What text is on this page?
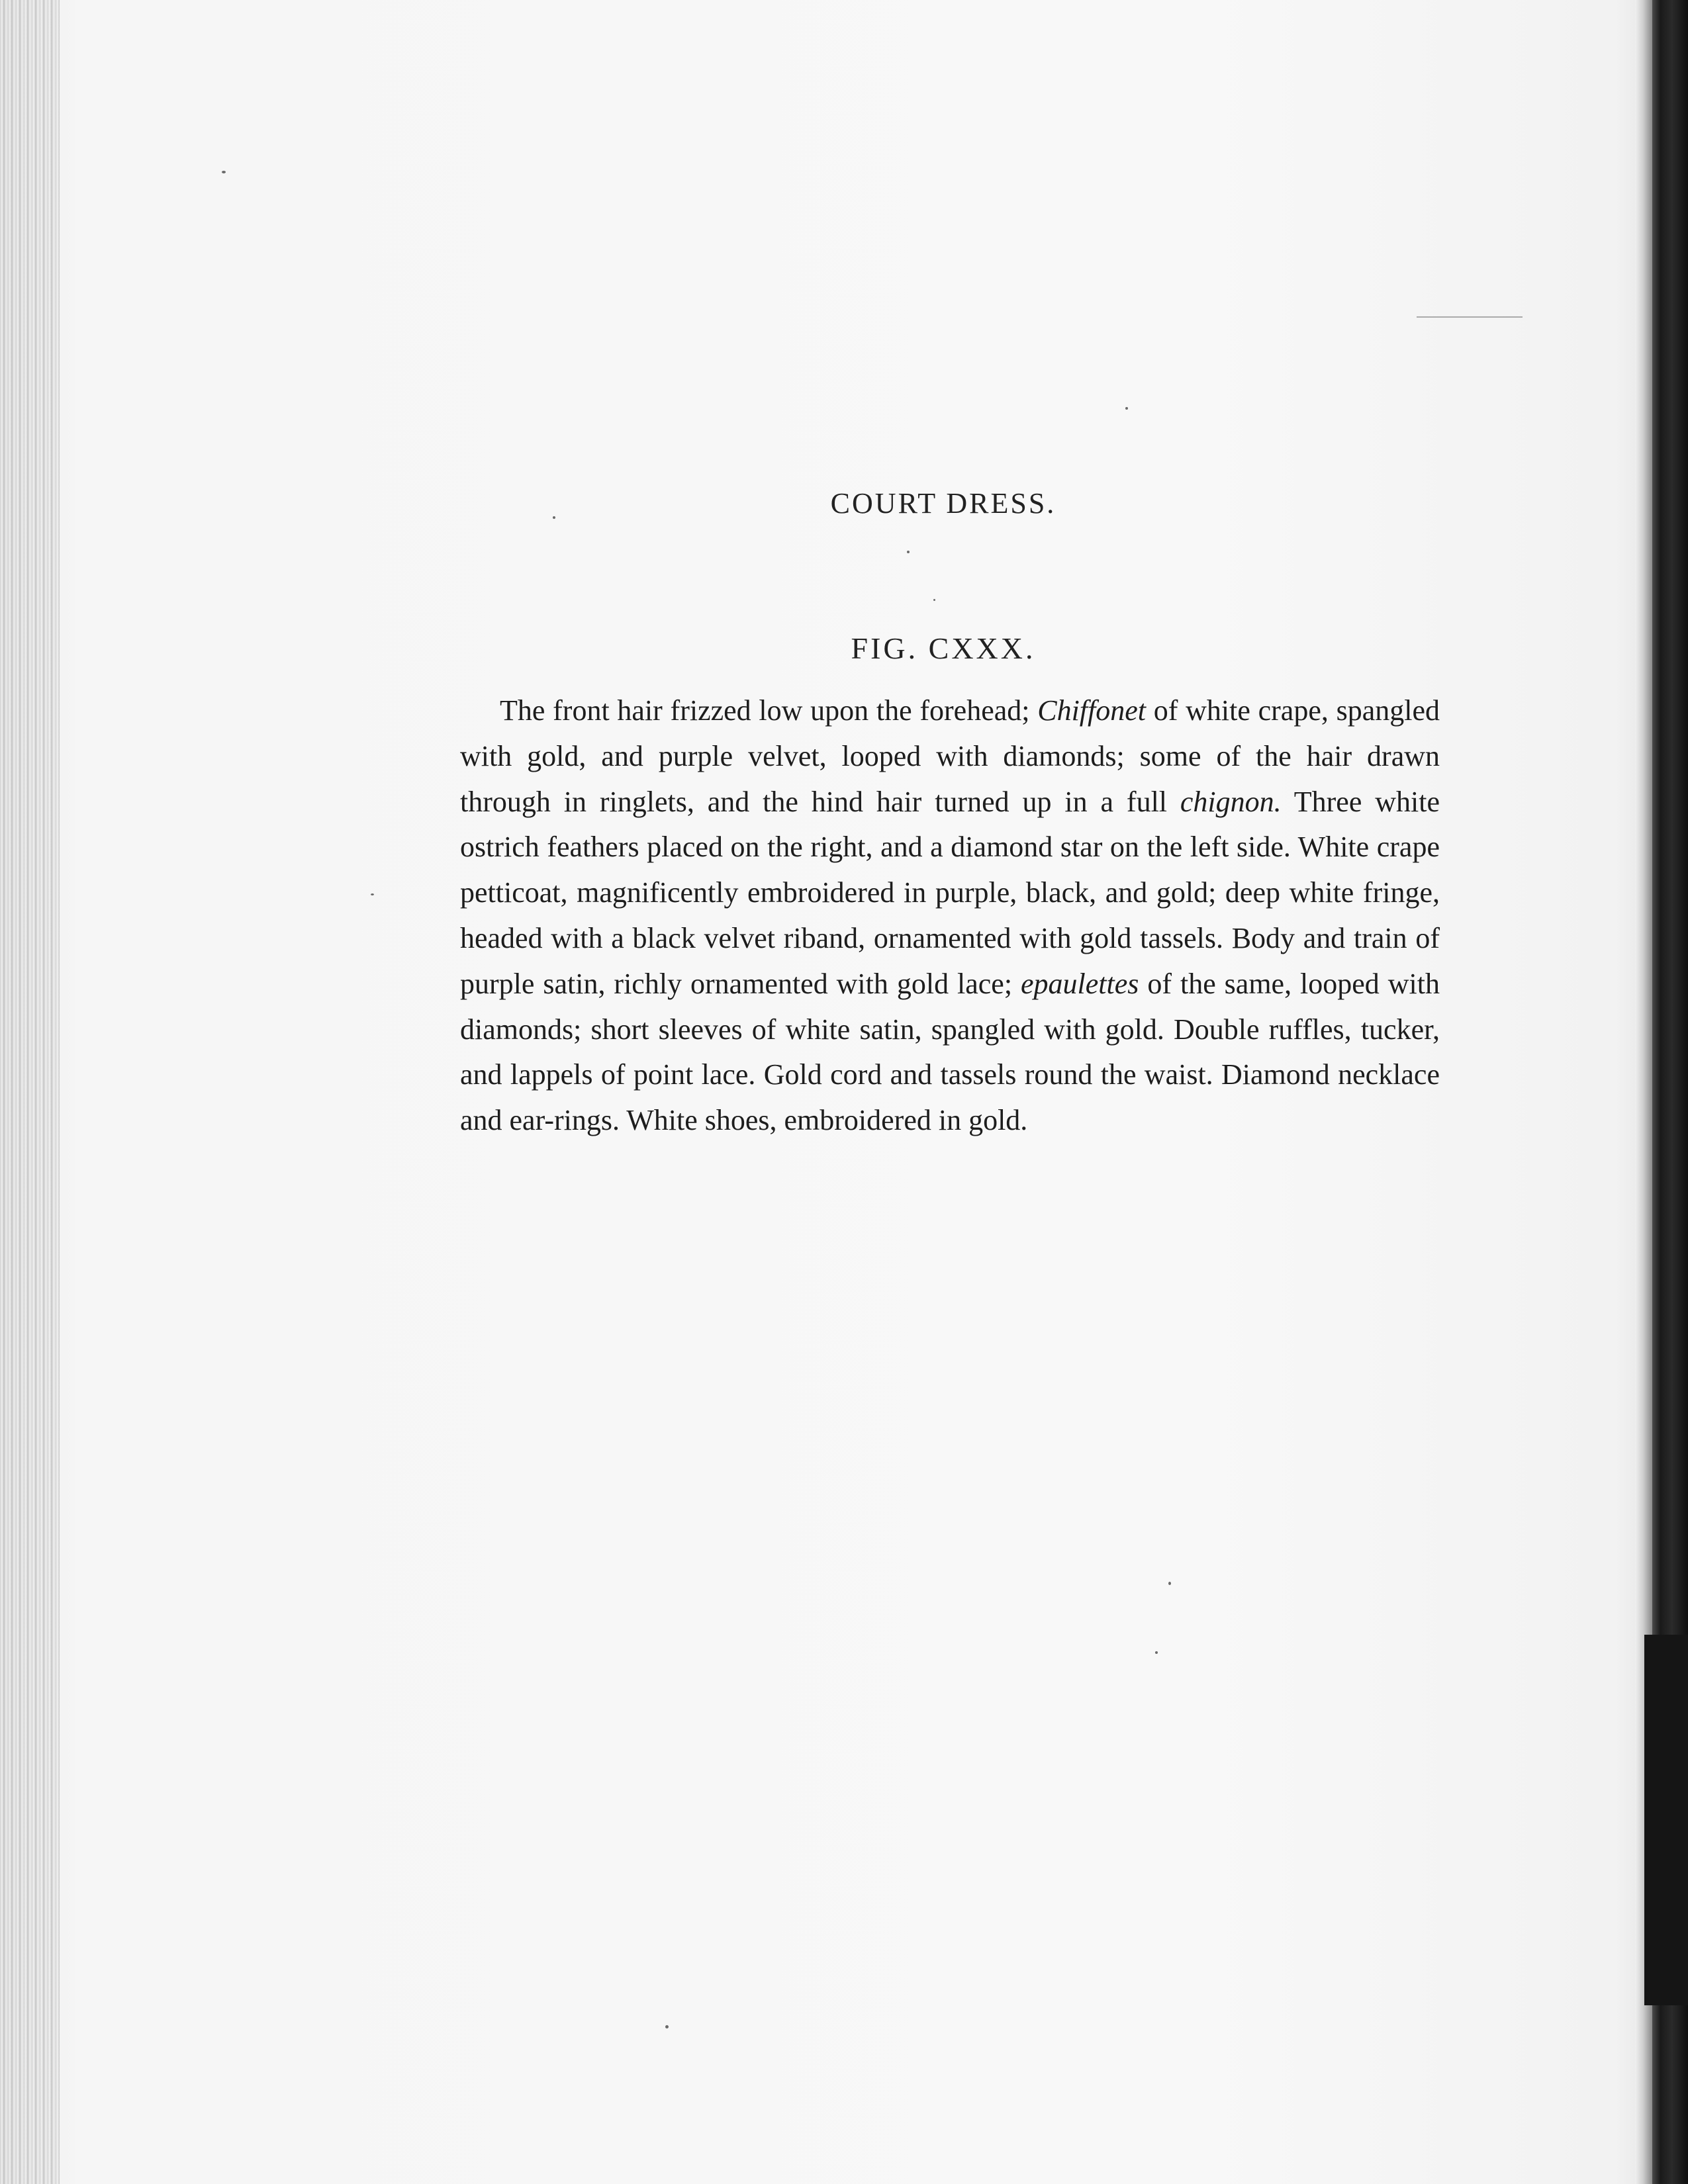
COURT DRESS.
FIG. CXXX.

The front hair frizzed low upon the forehead; Chiffonet of white crape, spangled with gold, and purple velvet, looped with diamonds; some of the hair drawn through in ringlets, and the hind hair turned up in a full chignon. Three white ostrich feathers placed on the right, and a diamond star on the left side. White crape petticoat, magnificently embroidered in purple, black, and gold; deep white fringe, headed with a black velvet riband, ornamented with gold tassels. Body and train of purple satin, richly ornamented with gold lace; epaulettes of the same, looped with diamonds; short sleeves of white satin, spangled with gold. Double ruffles, tucker, and lappels of point lace. Gold cord and tassels round the waist. Diamond necklace and ear-rings. White shoes, embroidered in gold.
